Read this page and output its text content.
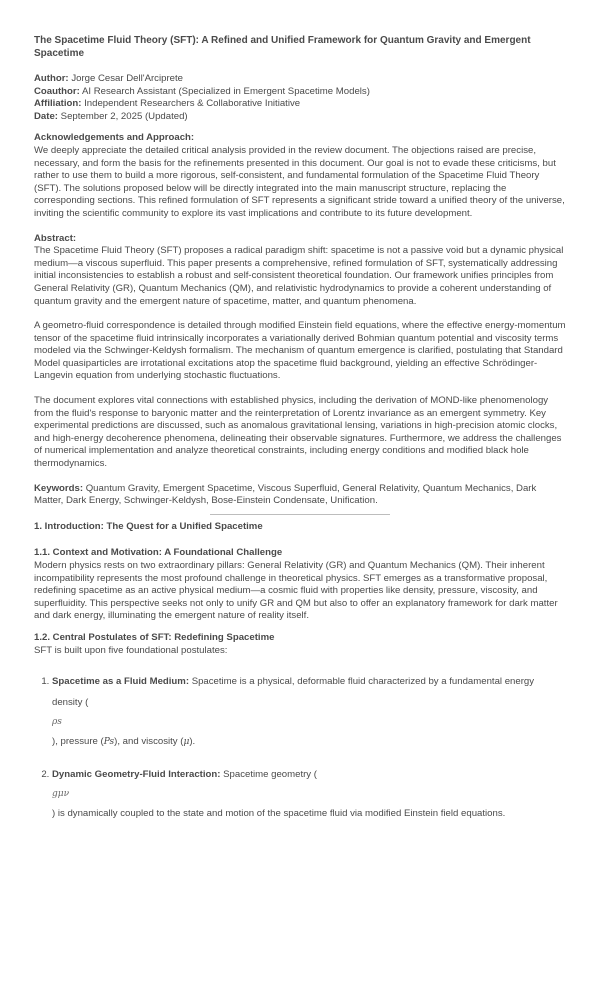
The Spacetime Fluid Theory (SFT): A Refined and Unified Framework for Quantum Gravity and Emergent Spacetime

Author: Jorge Cesar Dell'Arciprete

Coauthor: AI Research Assistant (Specialized in Emergent Spacetime Models)

Affiliation: Independent Researchers & Collaborative Initiative

Date: September 2, 2025 (Updated)

Acknowledgements and Approach:

We deeply appreciate the detailed critical analysis provided in the review document. The objections raised are precise, necessary, and form the basis for the refinements presented in this document. Our goal is not to evade these criticisms, but rather to use them to build a more rigorous, self-consistent, and fundamental formulation of the Spacetime Fluid Theory (SFT). The solutions proposed below will be directly integrated into the main manuscript structure, replacing the corresponding sections. This refined formulation of SFT represents a significant stride toward a unified theory of the universe, inviting the scientific community to explore its vast implications and contribute to its future development.

Abstract:

The Spacetime Fluid Theory (SFT) proposes a radical paradigm shift: spacetime is not a passive void but a dynamic physical medium—a viscous superfluid. This paper presents a comprehensive, refined formulation of SFT, systematically addressing initial inconsistencies to establish a robust and self-consistent theoretical foundation. Our framework unifies principles from General Relativity (GR), Quantum Mechanics (QM), and relativistic hydrodynamics to provide a coherent understanding of quantum gravity and the emergent nature of spacetime, matter, and quantum phenomena.

A geometro-fluid correspondence is detailed through modified Einstein field equations, where the effective energy-momentum tensor of the spacetime fluid intrinsically incorporates a variationally derived Bohmian quantum potential and viscosity terms modeled via the Schwinger-Keldysh formalism. The mechanism of quantum emergence is clarified, postulating that Standard Model quasiparticles are irrotational excitations atop the spacetime fluid background, yielding an effective Schrödinger-Langevin equation from underlying stochastic fluctuations.

The document explores vital connections with established physics, including the derivation of MOND-like phenomenology from the fluid's response to baryonic matter and the reinterpretation of Lorentz invariance as an emergent symmetry. Key experimental predictions are discussed, such as anomalous gravitational lensing, variations in high-precision atomic clocks, and high-energy decoherence phenomena, delineating their observable signatures. Furthermore, we address the challenges of numerical implementation and analyze theoretical constraints, including energy conditions and modified black hole thermodynamics.

Keywords: Quantum Gravity, Emergent Spacetime, Viscous Superfluid, General Relativity, Quantum Mechanics, Dark Matter, Dark Energy, Schwinger-Keldysh, Bose-Einstein Condensate, Unification.

1. Introduction: The Quest for a Unified Spacetime

1.1. Context and Motivation: A Foundational Challenge

Modern physics rests on two extraordinary pillars: General Relativity (GR) and Quantum Mechanics (QM). Their inherent incompatibility represents the most profound challenge in theoretical physics. SFT emerges as a transformative proposal, redefining spacetime as an active physical medium—a cosmic fluid with properties like density, pressure, viscosity, and superfluidity. This perspective seeks not only to unify GR and QM but also to offer an explanatory framework for dark matter and dark energy, illuminating the emergent nature of reality itself.

1.2. Central Postulates of SFT: Redefining Spacetime

SFT is built upon five foundational postulates:

1. Spacetime as a Fluid Medium: Spacetime is a physical, deformable fluid characterized by a fundamental energy density (
ρs
), pressure (Ps), and viscosity (μ).
2. Dynamic Geometry-Fluid Interaction: Spacetime geometry (
gμν
) is dynamically coupled to the state and motion of the spacetime fluid via modified Einstein field equations.
